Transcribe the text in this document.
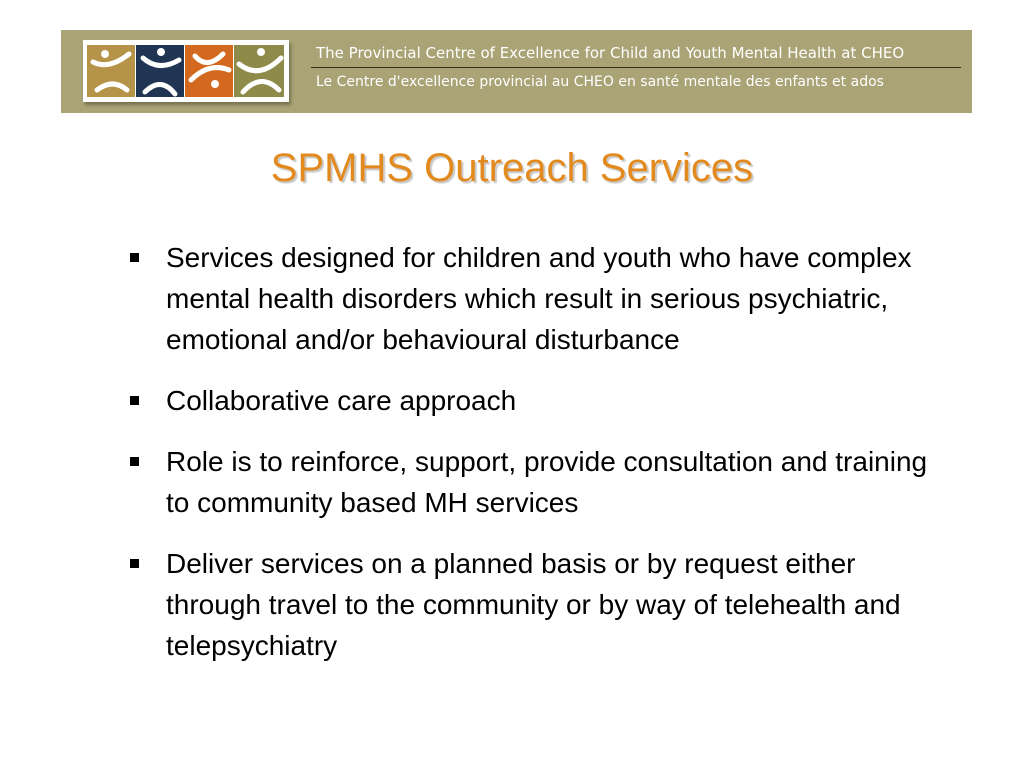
The Provincial Centre of Excellence for Child and Youth Mental Health at CHEO
Le Centre d'excellence provincial au CHEO en santé mentale des enfants et ados
SPMHS Outreach Services
Services designed for children and youth who have complex mental health disorders which result in serious psychiatric, emotional and/or behavioural disturbance
Collaborative care approach
Role is to reinforce, support, provide consultation and training to community based MH services
Deliver services on a planned basis or by request either through travel to the community or by way of telehealth and telepsychiatry
